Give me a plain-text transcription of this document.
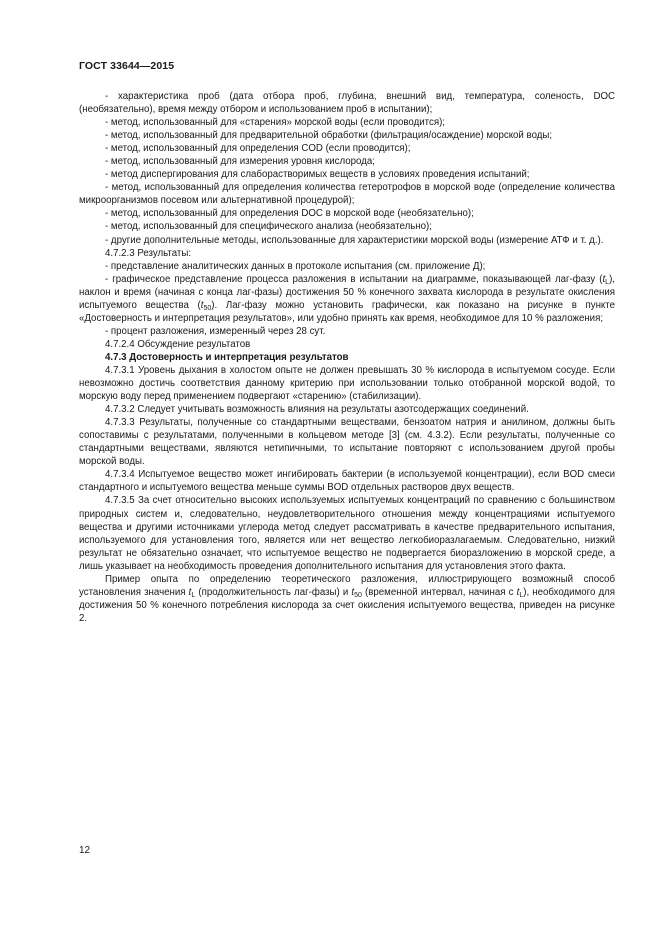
ГОСТ 33644—2015

- характеристика проб (дата отбора проб, глубина, внешний вид, температура, соленость, DOC (необязательно), время между отбором и использованием проб в испытании);

- метод, использованный для «старения» морской воды (если проводится);

- метод, использованный для предварительной обработки (фильтрация/осаждение) морской воды;

- метод, использованный для определения COD (если проводится);

- метод, использованный для измерения уровня кислорода;

- метод диспергирования для слаборастворимых веществ в условиях проведения испытаний;

- метод, использованный для определения количества гетеротрофов в морской воде (определение количества микроорганизмов посевом или альтернативной процедурой);

- метод, использованный для определения DOC в морской воде (необязательно);

- метод, использованный для специфического анализа (необязательно);

- другие дополнительные методы, использованные для характеристики морской воды (измерение АТФ и т. д.).

4.7.2.3 Результаты:

- представление аналитических данных в протоколе испытания (см. приложение Д);

- графическое представление процесса разложения в испытании на диаграмме, показывающей лаг-фазу $(t_L)$, наклон и время (начиная с конца лаг-фазы) достижения 50 % конечного захвата кислорода в результате окисления испытуемого вещества $(t_{50})$. Лаг-фазу можно установить графически, как показано на рисунке в пункте «Достоверность и интерпретация результатов», или удобно принять как время, необходимое для 10 % разложения;

- процент разложения, измеренный через 28 сут.

4.7.2.4 Обсуждение результатов

4.7.3 Достоверность и интерпретация результатов

4.7.3.1 Уровень дыхания в холостом опыте не должен превышать 30 % кислорода в испытуемом сосуде. Если невозможно достичь соответствия данному критерию при использовании только отобранной морской водой, то морскую воду перед применением подвергают «старению» (стабилизации).

4.7.3.2 Следует учитывать возможность влияния на результаты азотсодержащих соединений.

4.7.3.3 Результаты, полученные со стандартными веществами, бензоатом натрия и анилином, должны быть сопоставимы с результатами, полученными в кольцевом методе [3] (см. 4.3.2). Если результаты, полученные со стандартными веществами, являются нетипичными, то испытание повторяют с использованием другой пробы морской воды.

4.7.3.4 Испытуемое вещество может ингибировать бактерии (в используемой концентрации), если BOD смеси стандартного и испытуемого вещества меньше суммы BOD отдельных растворов двух веществ.

4.7.3.5 За счет относительно высоких используемых испытуемых концентраций по сравнению с большинством природных систем и, следовательно, неудовлетворительного отношения между концентрациями испытуемого вещества и другими источниками углерода метод следует рассматривать в качестве предварительного испытания, используемого для установления того, является или нет вещество легкобиоразлагаемым. Следовательно, низкий результат не обязательно означает, что испытуемое вещество не подвергается биоразложению в морской среде, а лишь указывает на необходимость проведения дополнительного испытания для установления этого факта.

Пример опыта по определению теоретического разложения, иллюстрирующего возможный способ установления значения $t_L$ (продолжительность лаг-фазы) и $t_{50}$ (временной интервал, начиная с $t_L$), необходимого для достижения 50 % конечного потребления кислорода за счет окисления испытуемого вещества, приведен на рисунке 2.

12
